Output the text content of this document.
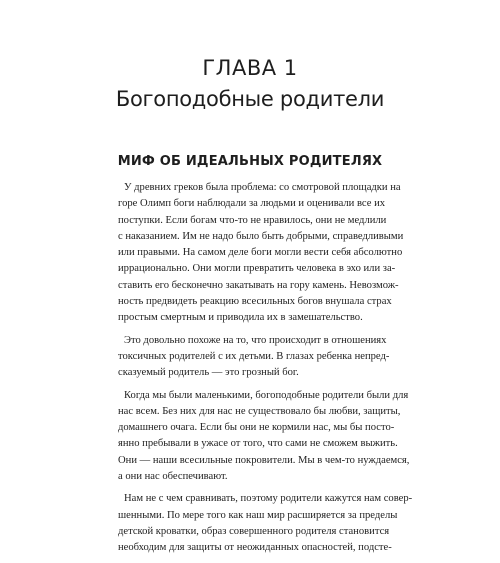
ГЛАВА 1
Богоподобные родители
МИФ ОБ ИДЕАЛЬНЫХ РОДИТЕЛЯХ
У древних греков была проблема: со смотровой площадки на
горе Олимп боги наблюдали за людьми и оценивали все их
поступки. Если богам что-то не нравилось, они не медлили
с наказанием. Им не надо было быть добрыми, справедливыми
или правыми. На самом деле боги могли вести себя абсолютно
иррационально. Они могли превратить человека в эхо или за-
ставить его бесконечно закатывать на гору камень. Невозмож-
ность предвидеть реакцию всесильных богов внушала страх
простым смертным и приводила их в замешательство.
Это довольно похоже на то, что происходит в отношениях
токсичных родителей с их детьми. В глазах ребенка непред-
сказуемый родитель — это грозный бог.
Когда мы были маленькими, богоподобные родители были для
нас всем. Без них для нас не существовало бы любви, защиты,
домашнего очага. Если бы они не кормили нас, мы бы посто-
янно пребывали в ужасе от того, что сами не сможем выжить.
Они — наши всесильные покровители. Мы в чем-то нуждаемся,
а они нас обеспечивают.
Нам не с чем сравнивать, поэтому родители кажутся нам совер-
шенными. По мере того как наш мир расширяется за пределы
детской кроватки, образ совершенного родителя становится
необходим для защиты от неожиданных опасностей, подсте-
